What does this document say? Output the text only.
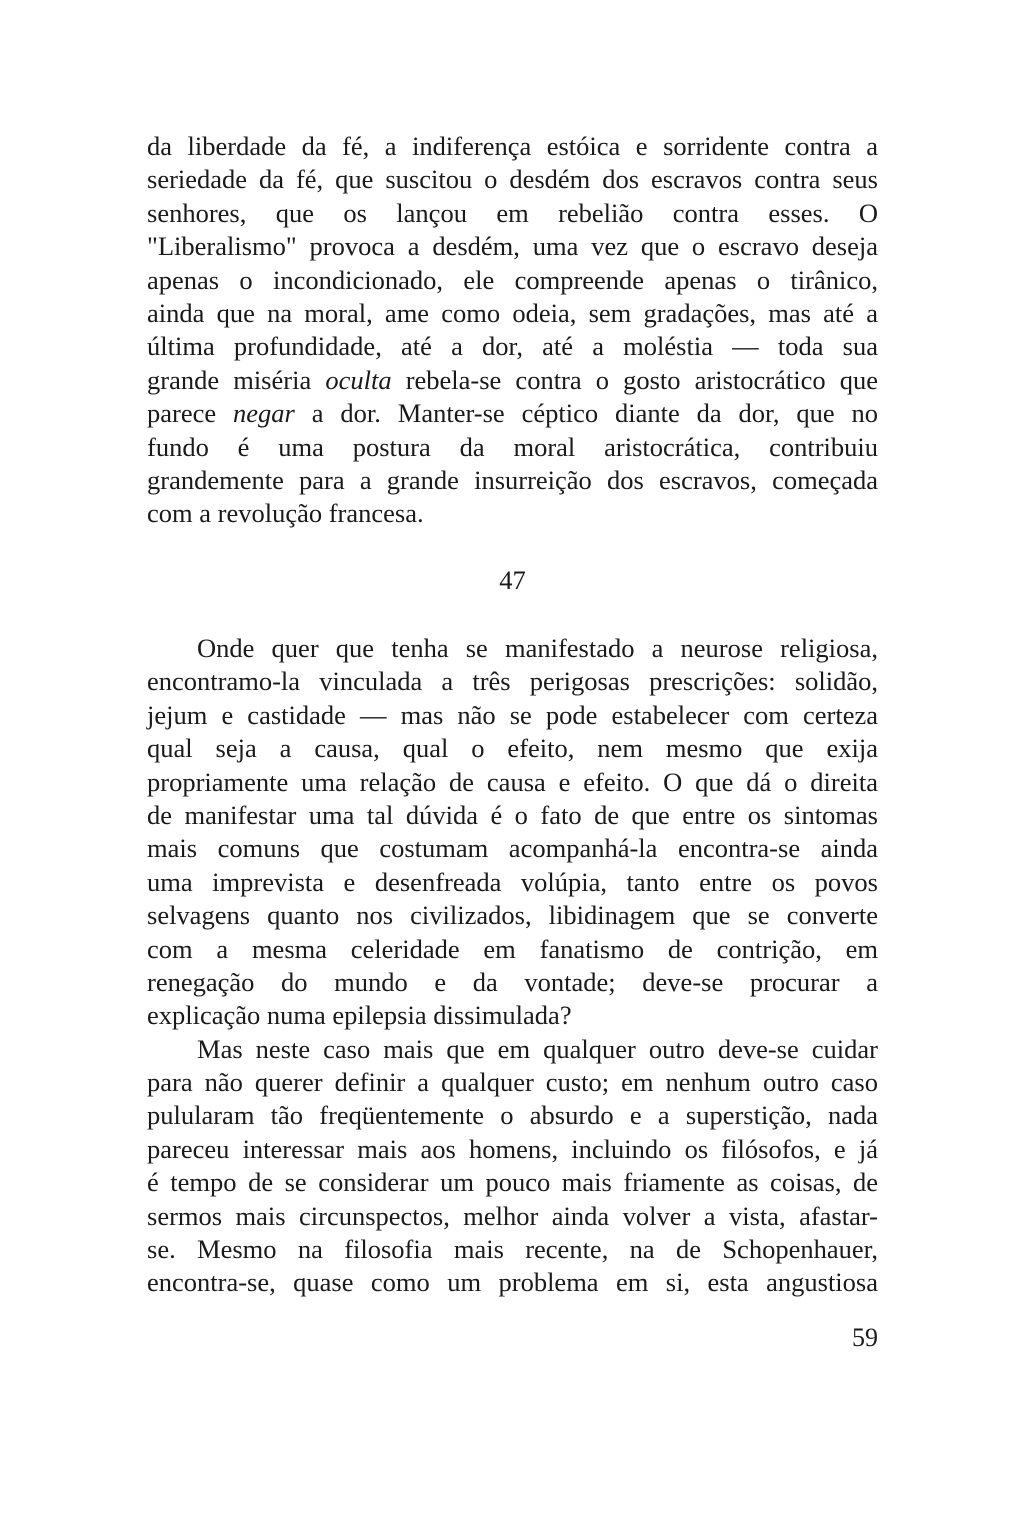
da liberdade da fé, a indiferença estóica e sorridente contra a
seriedade da fé, que suscitou o desdém dos escravos contra seus
senhores, que os lançou em rebelião contra esses. O
"Liberalismo" provoca a desdém, uma vez que o escravo deseja
apenas o incondicionado, ele compreende apenas o tirânico,
ainda que na moral, ame como odeia, sem gradações, mas até a
última profundidade, até a dor, até a moléstia — toda sua
grande miséria oculta rebela-se contra o gosto aristocrático que
parece negar a dor. Manter-se céptico diante da dor, que no
fundo é uma postura da moral aristocrática, contribuiu
grandemente para a grande insurreição dos escravos, começada
com a revolução francesa.
47
Onde quer que tenha se manifestado a neurose religiosa,
encontramo-la vinculada a três perigosas prescrições: solidão,
jejum e castidade — mas não se pode estabelecer com certeza
qual seja a causa, qual o efeito, nem mesmo que exija
propriamente uma relação de causa e efeito. O que dá o direita
de manifestar uma tal dúvida é o fato de que entre os sintomas
mais comuns que costumam acompanhá-la encontra-se ainda
uma imprevista e desenfreada volúpia, tanto entre os povos
selvagens quanto nos civilizados, libidinagem que se converte
com a mesma celeridade em fanatismo de contrição, em
renegação do mundo e da vontade; deve-se procurar a
explicação numa epilepsia dissimulada?
Mas neste caso mais que em qualquer outro deve-se cuidar
para não querer definir a qualquer custo; em nenhum outro caso
pulularam tão freqüentemente o absurdo e a superstição, nada
pareceu interessar mais aos homens, incluindo os filósofos, e já
é tempo de se considerar um pouco mais friamente as coisas, de
sermos mais circunspectos, melhor ainda volver a vista, afastar-
se. Mesmo na filosofia mais recente, na de Schopenhauer,
encontra-se, quase como um problema em si, esta angustiosa
59
